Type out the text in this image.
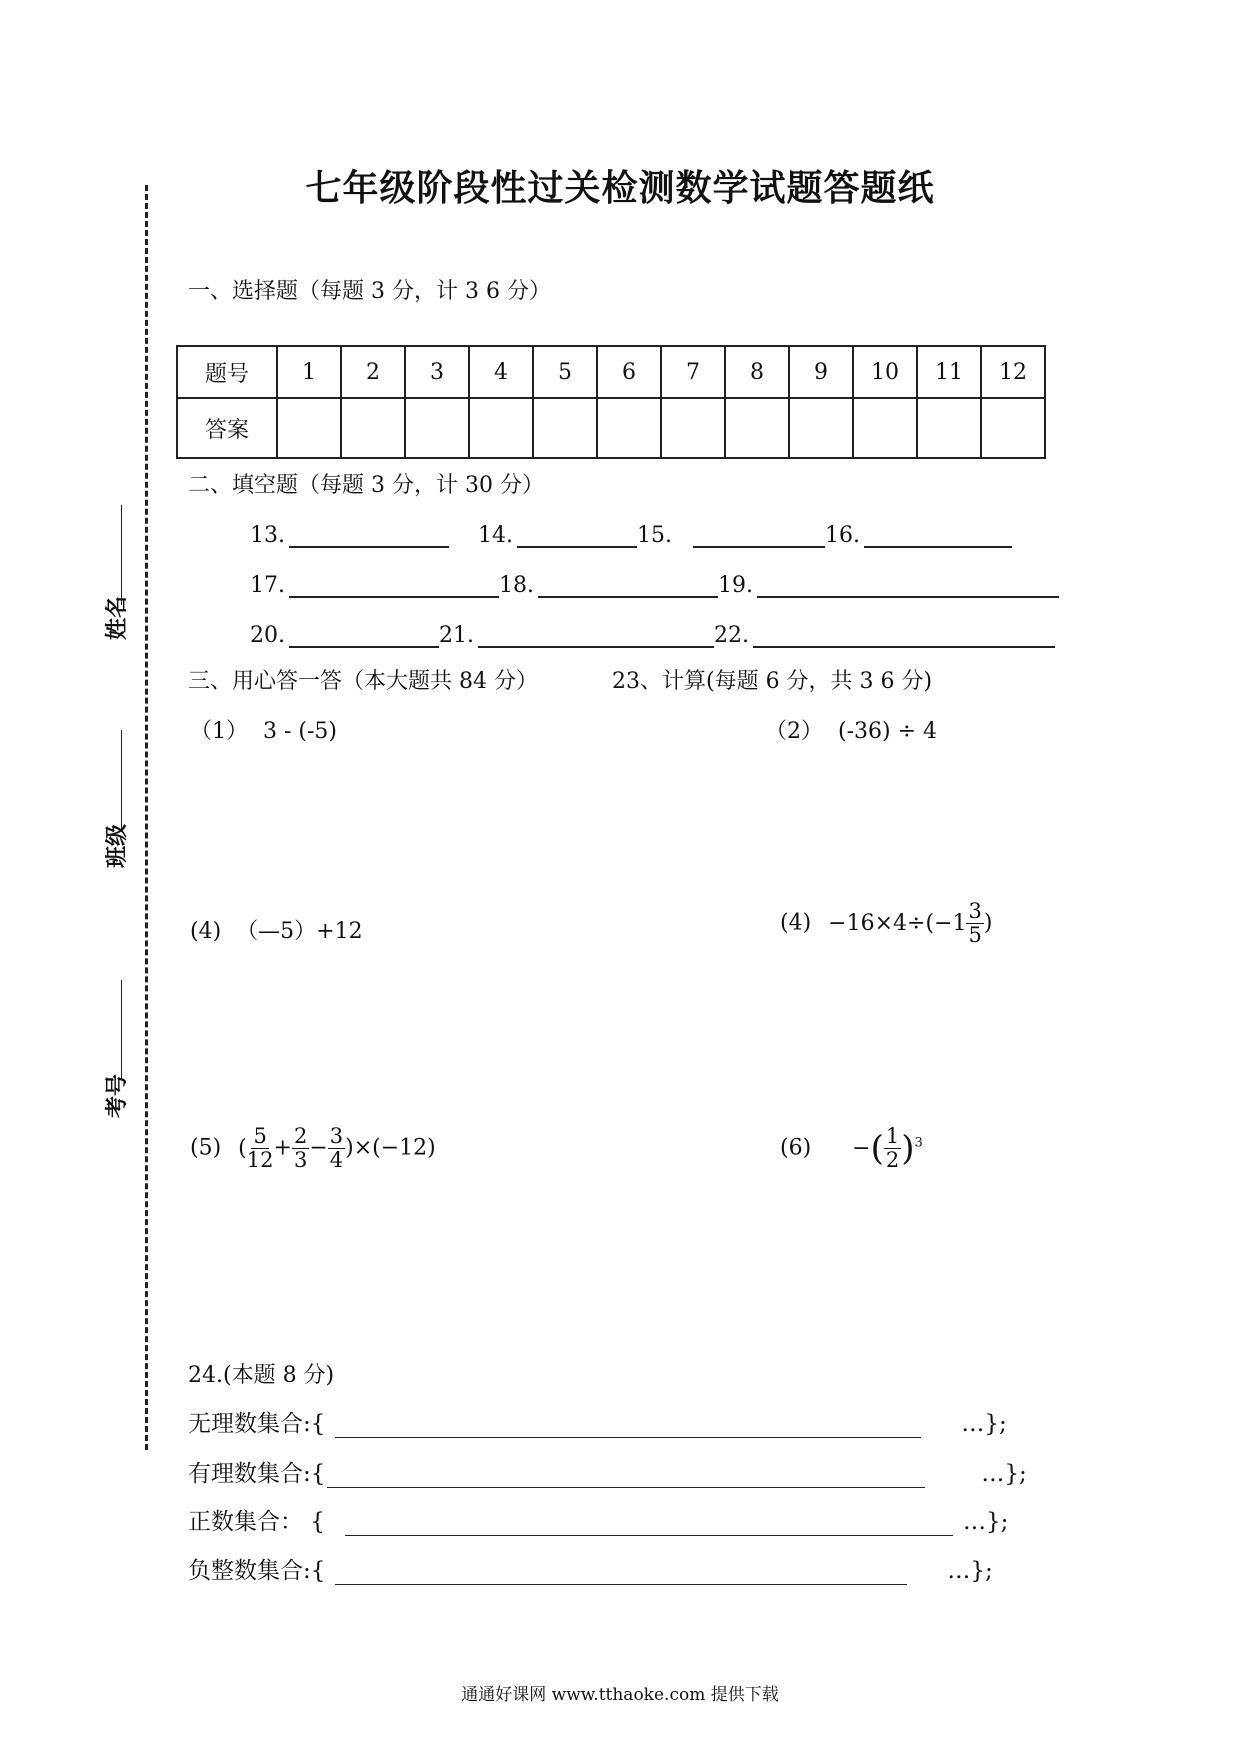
七年级阶段性过关检测数学试题答题纸
姓名
班级
考号
一、选择题（每题 3 分，计 3 6 分）
题号	1	2	3	4	5	6	7	8	9	10	11	12
答案												
二、填空题（每题 3 分，计 30 分）
13.	14.	15.	16.
17.	18.	19.
20.	21.	22.
三、用心答一答（本大题共 84 分）	23、计算(每题 6 分，共 3 6 分)
（1） 3 - (-5)	（2） (-36) ÷ 4
(4) （—5）+12	$(4) -16\times 4\div(-1 \frac{3}{5}$ )
(5) ( $\frac{5}{12} + \frac{2}{3} - \frac{3}{4} )\times(-12)$	(6) −( $\frac{1}{2} )^3$
24.(本题 8 分)
无理数集合:{	…};
有理数集合:{	…};
正数集合： {	…};
负整数集合:{	…};
通通好课网 www.tthaoke.com 提供下载
